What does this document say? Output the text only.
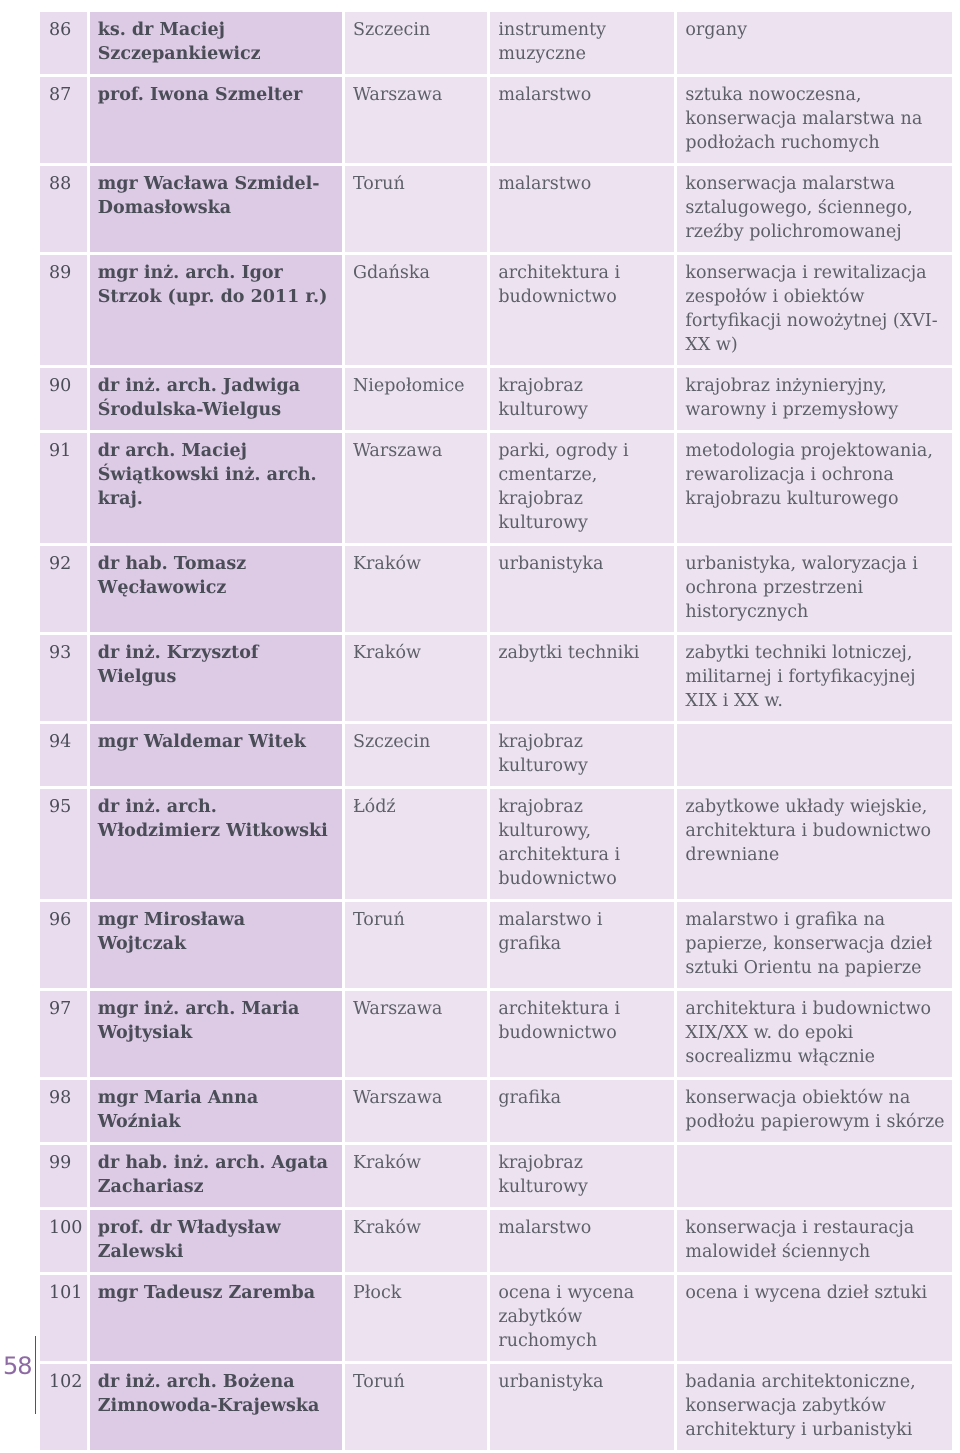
86	ks. dr Maciej Szczepankiewicz	Szczecin	instrumenty muzyczne	organy
87	prof. Iwona Szmelter	Warszawa	malarstwo	sztuka nowoczesna, konserwacja malarstwa na podłożach ruchomych
88	mgr Wacława Szmidel-Domasłowska	Toruń	malarstwo	konserwacja malarstwa sztalugowego, ściennego, rzeźby polichromowanej
89	mgr inż. arch. Igor Strzok (upr. do 2011 r.)	Gdańska	architektura i budownictwo	konserwacja i rewitalizacja zespołów i obiektów fortyfikacji nowożytnej (XVI-XX w)
90	dr inż. arch. Jadwiga Środulska-Wielgus	Niepołomice	krajobraz kulturowy	krajobraz inżynieryjny, warowny i przemysłowy
91	dr arch. Maciej Świątkowski inż. arch. kraj.	Warszawa	parki, ogrody i cmentarze, krajobraz kulturowy	metodologia projektowania, rewarolizacja i ochrona krajobrazu kulturowego
92	dr hab. Tomasz Węcławowicz	Kraków	urbanistyka	urbanistyka, waloryzacja i ochrona przestrzeni historycznych
93	dr inż. Krzysztof Wielgus	Kraków	zabytki techniki	zabytki techniki lotniczej, militarnej i fortyfikacyjnej XIX i XX w.
94	mgr Waldemar Witek	Szczecin	krajobraz kulturowy	
95	dr inż. arch. Włodzimierz Witkowski	Łódź	krajobraz kulturowy, architektura i budownictwo	zabytkowe układy wiejskie, architektura i budownictwo drewniane
96	mgr Mirosława Wojtczak	Toruń	malarstwo i grafika	malarstwo i grafika na papierze, konserwacja dzieł sztuki Orientu na papierze
97	mgr inż. arch. Maria Wojtysiak	Warszawa	architektura i budownictwo	architektura i budownictwo XIX/XX w. do epoki socrealizmu włącznie
98	mgr Maria Anna Woźniak	Warszawa	grafika	konserwacja obiektów na podłożu papierowym i skórze
99	dr hab. inż. arch. Agata Zachariasz	Kraków	krajobraz kulturowy	
100	prof. dr Władysław Zalewski	Kraków	malarstwo	konserwacja i restauracja malowideł ściennych
101	mgr Tadeusz Zaremba	Płock	ocena i wycena zabytków ruchomych	ocena i wycena dzieł sztuki
102	dr inż. arch. Bożena Zimnowoda-Krajewska	Toruń	urbanistyka	badania architektoniczne, konserwacja zabytków architektury i urbanistyki
58
